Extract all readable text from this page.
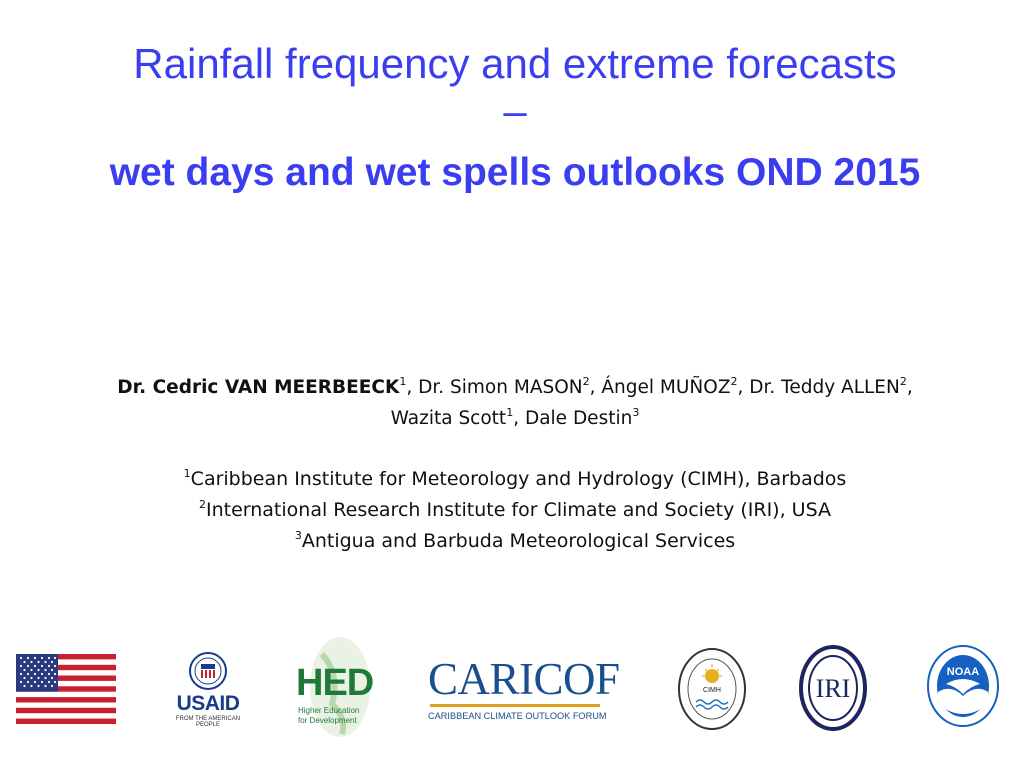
Rainfall frequency and extreme forecasts
–
wet days and wet spells outlooks OND 2015
Dr. Cedric VAN MEERBEECK$^1$, Dr. Simon MASON$^2$, Ángel MUÑOZ$^2$, Dr. Teddy ALLEN$^2$,
Wazita Scott$^1$, Dale Destin$^3$
$^1$Caribbean Institute for Meteorology and Hydrology (CIMH), Barbados
$^2$International Research Institute for Climate and Society (IRI), USA
$^3$Antigua and Barbuda Meteorological Services
USAID
FROM THE AMERICAN PEOPLE
HED
Higher Education
for Development
CARICOF
CARIBBEAN CLIMATE OUTLOOK FORUM
CIMH	IRI
NOAA
